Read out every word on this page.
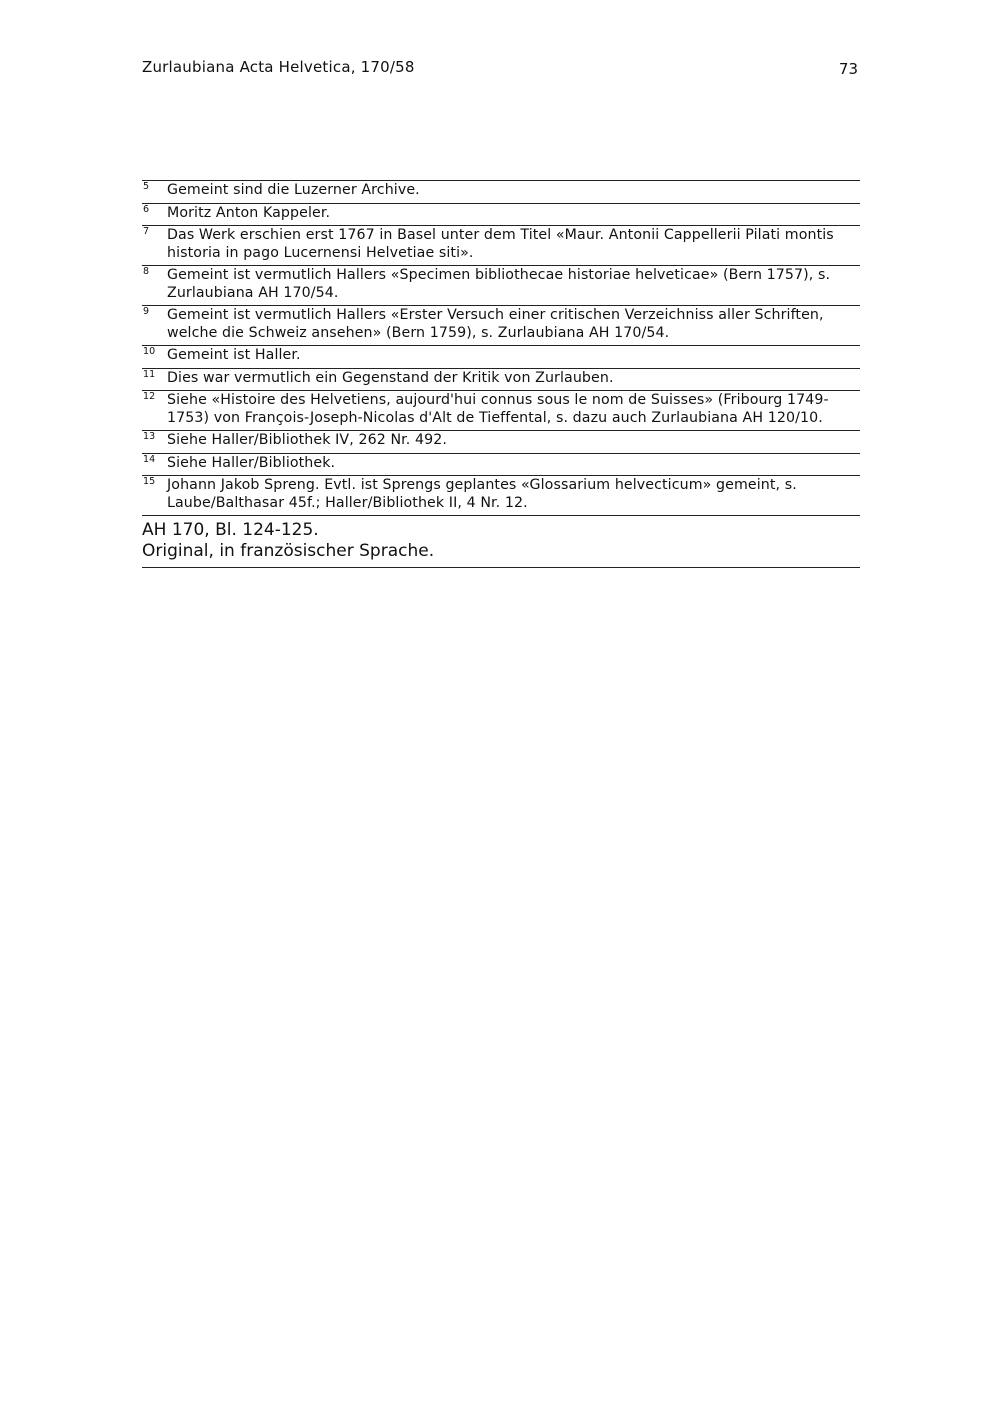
Zurlaubiana Acta Helvetica, 170/58	73
5 Gemeint sind die Luzerner Archive.
6 Moritz Anton Kappeler.
7 Das Werk erschien erst 1767 in Basel unter dem Titel «Maur. Antonii Cappellerii Pilati montis historia in pago Lucernensi Helvetiae siti».
8 Gemeint ist vermutlich Hallers «Specimen bibliothecae historiae helveticae» (Bern 1757), s. Zurlaubiana AH 170/54.
9 Gemeint ist vermutlich Hallers «Erster Versuch einer critischen Verzeichniss aller Schriften, welche die Schweiz ansehen» (Bern 1759), s. Zurlaubiana AH 170/54.
10 Gemeint ist Haller.
11 Dies war vermutlich ein Gegenstand der Kritik von Zurlauben.
12 Siehe «Histoire des Helvetiens, aujourd'hui connus sous le nom de Suisses» (Fribourg 1749-1753) von François-Joseph-Nicolas d'Alt de Tieffental, s. dazu auch Zurlaubiana AH 120/10.
13 Siehe Haller/Bibliothek IV, 262 Nr. 492.
14 Siehe Haller/Bibliothek.
15 Johann Jakob Spreng. Evtl. ist Sprengs geplantes «Glossarium helvecticum» gemeint, s. Laube/Balthasar 45f.; Haller/Bibliothek II, 4 Nr. 12.
AH 170, Bl. 124-125.
Original, in französischer Sprache.
